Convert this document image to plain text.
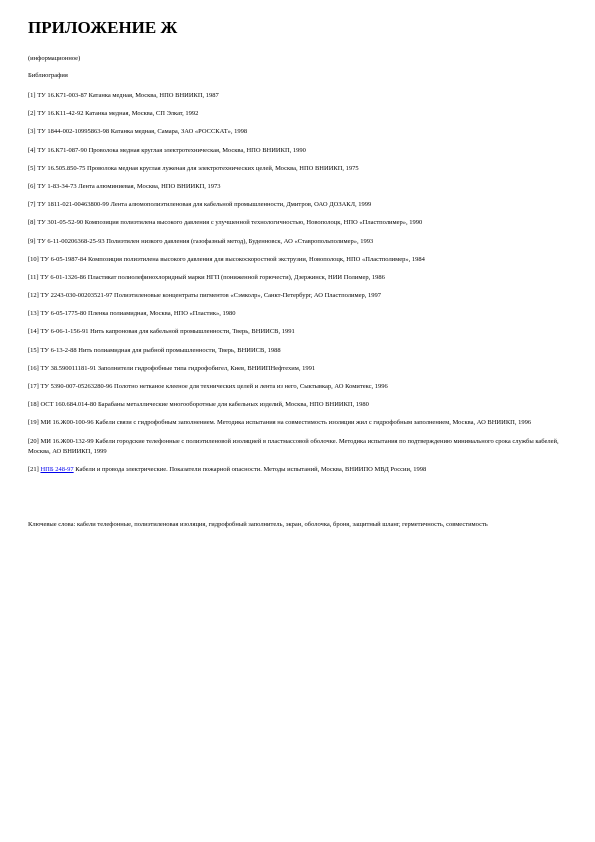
ПРИЛОЖЕНИЕ Ж
(информационное)
Библиография
[1] ТУ 16.К71-003-87 Катанка медная, Москва, НПО ВНИИКП, 1987
[2] ТУ 16.К11-42-92 Катанка медная, Москва, СП Элкат, 1992
[3] ТУ 1844-002-10995863-98 Катанка медная, Самара, ЗАО «РОССКАТ», 1998
[4] ТУ 16.К71-087-90 Проволока медная круглая электротехническая, Москва, НПО ВНИИКП, 1990
[5] ТУ 16.505.850-75 Проволока медная круглая луженая для электротехнических целей, Москва, НПО ВНИИКП, 1975
[6] ТУ 1-83-34-73 Лента алюминиевая, Москва, НПО ВНИИКП, 1973
[7] ТУ 1811-021-00463800-99 Лента алюмополиэтиленовая для кабельной промышленности, Дмитров, ОАО ДОЗАКЛ, 1999
[8] ТУ 301-05-52-90 Композиция полиэтилена высокого давления с улучшенной технологичностью, Новополоцк, НПО «Пластполимер», 1990
[9] ТУ 6-11-00206368-25-93 Полиэтилен низкого давления (газофазный метод), Буденновск, АО «Ставропольполимер», 1993
[10] ТУ 6-05-1987-84 Композиция полиэтилена высокого давления для высокоскоростной экструзии, Новополоцк, НПО «Пластполимер», 1984
[11] ТУ 6-01-1326-86 Пластикат полиолефинохлоридный марки НГП (пониженной горючести), Дзержинск, НИИ Полимер, 1986
[12] ТУ 2243-030-00203521-97 Полиэтиленовые концентраты пигментов «Сэмколр», Санкт-Петербург, АО Пластполимер, 1997
[13] ТУ 6-05-1775-80 Пленка полиамидная, Москва, НПО «Пластик», 1980
[14] ТУ 6-06-1-156-91 Нить капроновая для кабельной промышленности, Тверь, ВНИИСВ, 1991
[15] ТУ 6-13-2-88 Нить полиамидная для рыбной промышленности, Тверь, ВНИИСВ, 1988
[16] ТУ 38.590011181-91 Заполнители гидрофобные типа гидрофобигел, Киев, ВНИИПНефтехим, 1991
[17] ТУ 5390-007-05263280-96 Полотно нетканое клееное для технических целей и лента из него, Сыктывкар, АО Комитекс, 1996
[18] ОСТ 160.684.014-80 Барабаны металлические многооборотные для кабельных изделий, Москва, НПО ВНИИКП, 1980
[19] МИ 16.Ж00-100-96 Кабели связи с гидрофобным заполнением. Методика испытания на совместимость изоляции жил с гидрофобным заполнением, Москва, АО ВНИИКП, 1996
[20] МИ 16.Ж00-132-99 Кабели городские телефонные с полиэтиленовой изоляцией в пластмассовой оболочке. Методика испытания по подтверждению минимального срока службы кабелей, Москва, АО ВНИИКП, 1999
[21] НПБ 248-97 Кабели и провода электрические. Показатели пожарной опасности. Методы испытаний, Москва, ВНИИПО МВД России, 1998
Ключевые слова: кабели телефонные, полиэтиленовая изоляция, гидрофобный заполнитель, экран, оболочка, броня, защитный шланг, герметичность, совместимость
